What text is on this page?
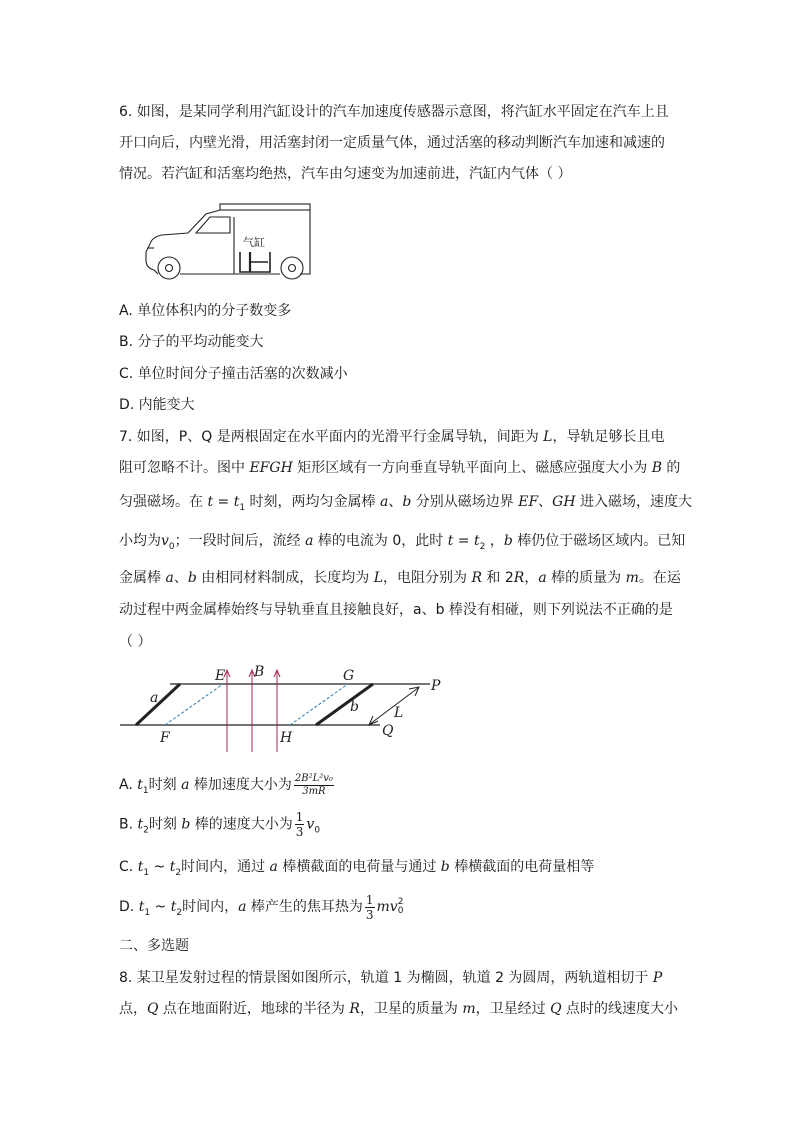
6. 如图，是某同学利用汽缸设计的汽车加速度传感器示意图，将汽缸水平固定在汽车上且
开口向后，内壁光滑，用活塞封闭一定质量气体，通过活塞的移动判断汽车加速和减速的
情况。若汽缸和活塞均绝热，汽车由匀速变为加速前进，汽缸内气体（ ）
气缸
A. 单位体积内的分子数变多
B. 分子的平均动能变大
C. 单位时间分子撞击活塞的次数减小
D. 内能变大
7. 如图，P、Q 是两根固定在水平面内的光滑平行金属导轨，间距为 L，导轨足够长且电
阻可忽略不计。图中 EFGH 矩形区域有一方向垂直导轨平面向上、磁感应强度大小为 B 的
匀强磁场。在 $t = t_1$ 时刻，两均匀金属棒 a、b 分别从磁场边界 EF、GH 进入磁场，速度大
小均为$v_0$；一段时间后，流经 a 棒的电流为 0，此时 $t = t_2$ ，b 棒仍位于磁场区域内。已知
金属棒 a、b 由相同材料制成，长度均为 L，电阻分别为 R 和 2R，a 棒的质量为 m。在运
动过程中两金属棒始终与导轨垂直且接触良好，a、b 棒没有相碰，则下列说法不正确的是
（ ）
E B	G
P
a
b	L
F	H	Q
A. $t_1$时刻 a 棒加速度大小为 $\frac{\text{2B²L²v₀}}{3mR}$
B. $t_2$时刻 b 棒的速度大小为 $\frac{1}{3} v_0$
C. $t_1$ ~ $t_2$时间内，通过 a 棒横截面的电荷量与通过 b 棒横截面的电荷量相等
D. $t_1$ ~ $t_2$时间内，a 棒产生的焦耳热为 $\frac{1}{3}$ mv 2
0
二、多选题
8. 某卫星发射过程的情景图如图所示，轨道 1 为椭圆，轨道 2 为圆周，两轨道相切于 P
点，Q 点在地面附近，地球的半径为 R，卫星的质量为 m，卫星经过 Q 点时的线速度大小
